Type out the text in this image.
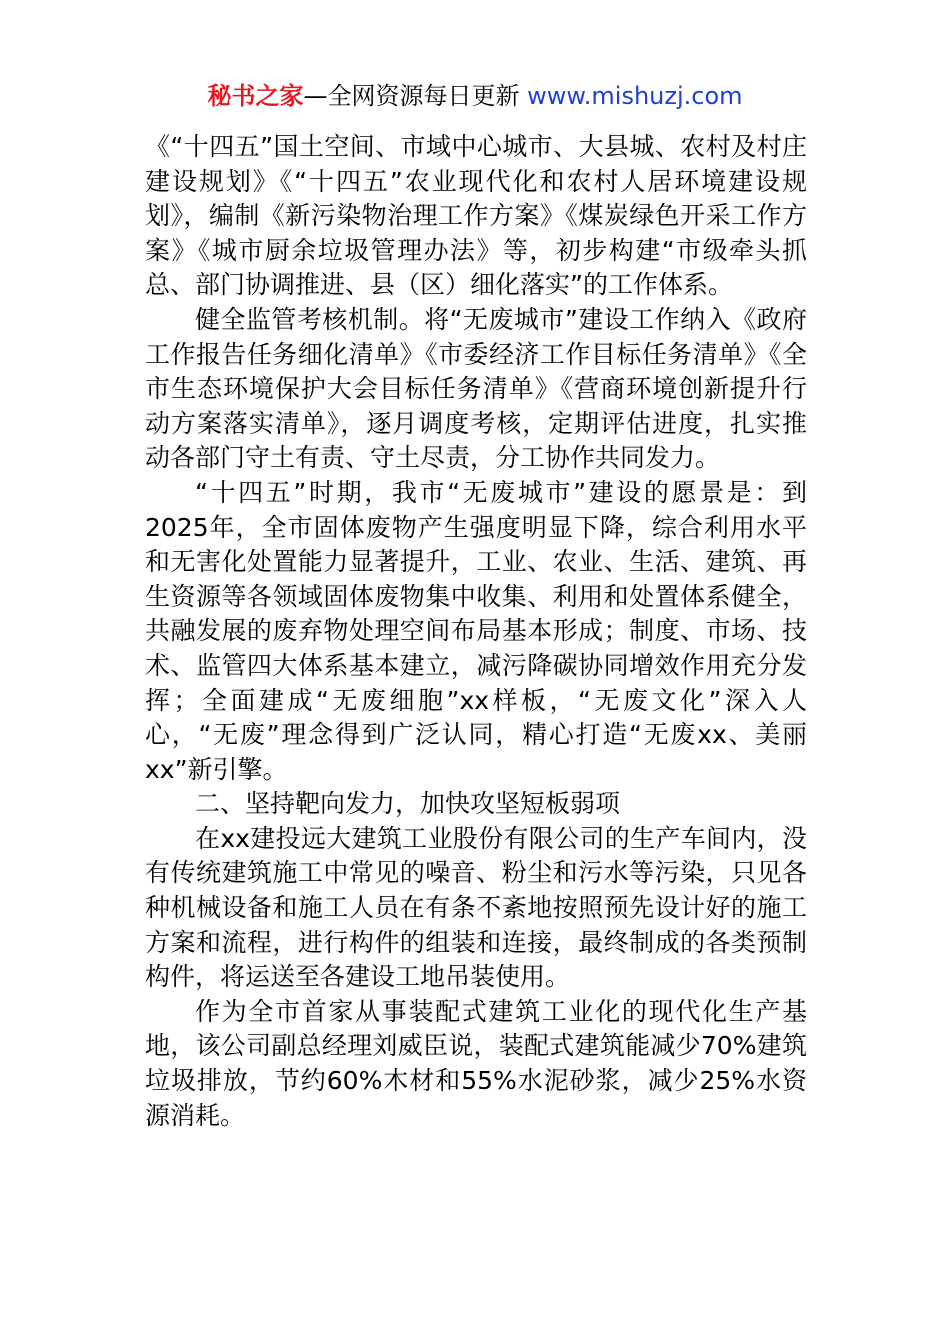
秘书之家—全网资源每日更新 www.mishuzj.com

《“十四五”国土空间、市域中心城市、大县城、农村及村庄建设规划》《“十四五”农业现代化和农村人居环境建设规划》，编制《新污染物治理工作方案》《煤炭绿色开采工作方案》《城市厨余垃圾管理办法》等，初步构建“市级牵头抓总、部门协调推进、县（区）细化落实”的工作体系。

健全监管考核机制。将“无废城市”建设工作纳入《政府工作报告任务细化清单》《市委经济工作目标任务清单》《全市生态环境保护大会目标任务清单》《营商环境创新提升行动方案落实清单》，逐月调度考核，定期评估进度，扎实推动各部门守土有责、守土尽责，分工协作共同发力。

“十四五”时期，我市“无废城市”建设的愿景是：到2025年，全市固体废物产生强度明显下降，综合利用水平和无害化处置能力显著提升，工业、农业、生活、建筑、再生资源等各领域固体废物集中收集、利用和处置体系健全，共融发展的废弃物处理空间布局基本形成；制度、市场、技术、监管四大体系基本建立，减污降碳协同增效作用充分发挥；全面建成“无废细胞”xx样板，“无废文化”深入人心，“无废”理念得到广泛认同，精心打造“无废xx、美丽xx”新引擎。

二、坚持靶向发力，加快攻坚短板弱项

在xx建投远大建筑工业股份有限公司的生产车间内，没有传统建筑施工中常见的噪音、粉尘和污水等污染，只见各种机械设备和施工人员在有条不紊地按照预先设计好的施工方案和流程，进行构件的组装和连接，最终制成的各类预制构件，将运送至各建设工地吊装使用。

作为全市首家从事装配式建筑工业化的现代化生产基地，该公司副总经理刘威臣说，装配式建筑能减少70%建筑垃圾排放，节约60%木材和55%水泥砂浆，减少25%水资源消耗。
